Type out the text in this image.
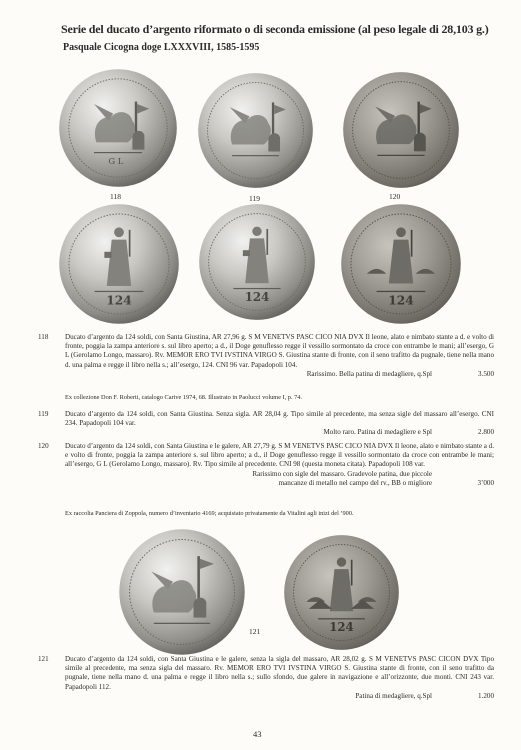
Serie del ducato d’argento riformato o di seconda emissione (al peso legale di 28,103 g.)
Pasquale Cicogna doge LXXXVIII, 1585-1595
G L
118	119	120
124	124	124
118 Ducato d’argento da 124 soldi, con Santa Giustina, AR 27,96 g. S M VENETVS PASC CICO NIA DVX Il leone, alato e nimbato stante a d. e volto di fronte, poggia la zampa anteriore s. sul libro aperto; a d., il Doge genuflesso regge il vessillo sormontato da croce con entrambe le mani; all’esergo, G L (Gerolamo Longo, massaro). Rv. MEMOR ERO TVI IVSTINA VIRGO S. Giustina stante di fronte, con il seno trafitto da pugnale, tiene nella mano d. una palma e regge il libro nella s.; all’esergo, 124. CNI 96 var. Papadopoli 104.
Rarissimo. Bella patina di medagliere, q.Spl	3.500
Ex collezione Don F. Roberti, catalogo Carive 1974, 68. Illustrato in Paolucci volume I, p. 74.
119 Ducato d’argento da 124 soldi, con Santa Giustina. Senza sigla. AR 28,04 g. Tipo simile al precedente, ma senza sigle del massaro all’esergo. CNI 234. Papadopoli 104 var.
Molto raro. Patina di medagliere e Spl	2.800
120 Ducato d’argento da 124 soldi, con Santa Giustina e le galere, AR 27,79 g. S M VENETVS PASC CICO NIA DVX Il leone, alato e nimbato stante a d. e volto di fronte, poggia la zampa anteriore s. sul libro aperto; a d., il Doge genuflesso regge il vessillo sormontato da croce con entrambe le mani; all’esergo, G L (Gerolamo Longo, massaro). Rv. Tipo simile al precedente. CNI 98 (questa moneta citata). Papadopoli 108 var.
Rarissimo con sigle del massaro. Gradevole patina, due piccole
mancanze di metallo nel campo del rv., BB o migliore	3’000
Ex raccolta Panciera di Zoppola, numero d’inventario 4169; acquistato privatamente da Vitalini agli inizi del ’900.
124
121
121 Ducato d’argento da 124 soldi, con Santa Giustina e le galere, senza la sigla del massaro, AR 28,02 g. S M VENETVS PASC CICON DVX Tipo simile al precedente, ma senza sigla del massaro. Rv. MEMOR ERO TVI IVSTINA VIRGO S. Giustina stante di fronte, con il seno trafitto da pugnale, tiene nella mano d. una palma e regge il libro nella s.; sullo sfondo, due galere in navigazione e all’orizzonte, due monti. CNI 243 var. Papadopoli 112.
Patina di medagliere, q.Spl	1.200
43
